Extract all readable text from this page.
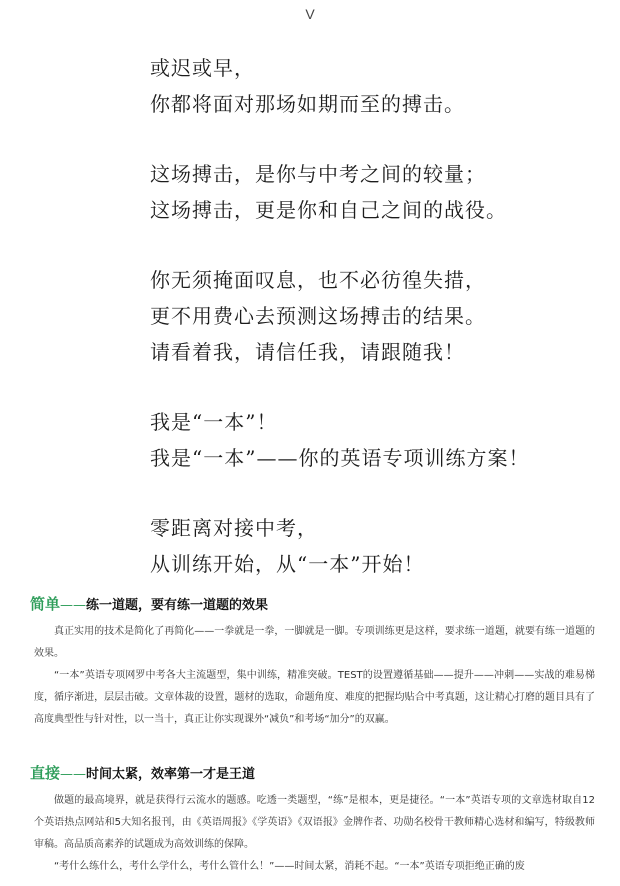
V
或迟或早，
你都将面对那场如期而至的搏击。
这场搏击，是你与中考之间的较量；
这场搏击，更是你和自己之间的战役。
你无须掩面叹息，也不必彷徨失措，
更不用费心去预测这场搏击的结果。
请看着我，请信任我，请跟随我！
我是“一本”！
我是“一本”——你的英语专项训练方案！
零距离对接中考，
从训练开始，从“一本”开始！
简单——练一道题，要有练一道题的效果

真正实用的技术是简化了再简化——一拳就是一拳，一脚就是一脚。专项训练更是这样，要求练一道题，就要有练一道题的效果。

“一本”英语专项网罗中考各大主流题型，集中训练，精准突破。TEST的设置遵循基础——提升——冲刺——实战的难易梯度，循序渐进，层层击破。文章体裁的设置，题材的选取，命题角度、难度的把握均贴合中考真题，这让精心打磨的题目具有了高度典型性与针对性，以一当十，真正让你实现课外“减负”和考场“加分”的双赢。

直接——时间太紧，效率第一才是王道

做题的最高境界，就是获得行云流水的题感。吃透一类题型，“练”是根本，更是捷径。“一本”英语专项的文章选材取自12个英语热点网站和5大知名报刊，由《英语周报》《学英语》《双语报》金牌作者、功勋名校骨干教师精心选材和编写，特级教师审稿。高品质高素养的试题成为高效训练的保障。

“考什么练什么，考什么学什么，考什么管什么！”——时间太紧，消耗不起。“一本”英语专项拒绝正确的废
